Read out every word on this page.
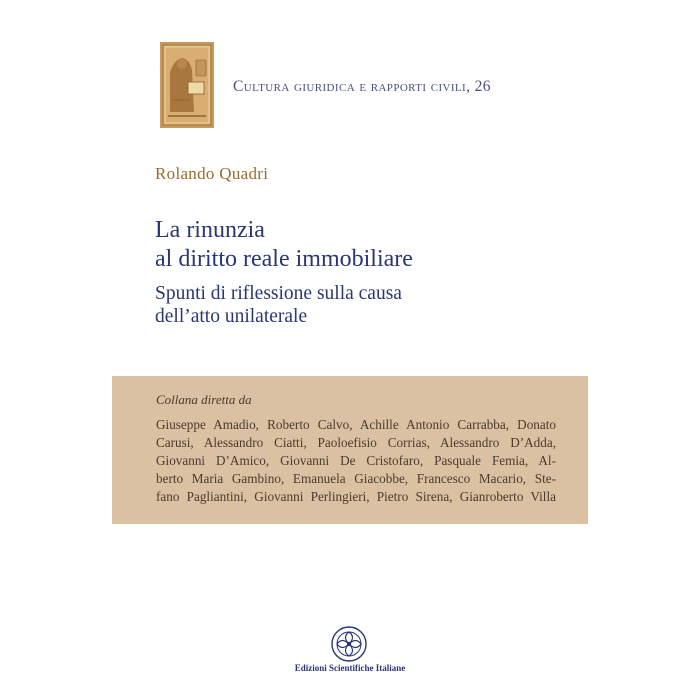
Cultura giuridica e rapporti civili, 26
Rolando Quadri
La rinunzia
al diritto reale immobiliare
Spunti di riflessione sulla causa
dell’atto unilaterale
Collana diretta da
Giuseppe Amadio, Roberto Calvo, Achille Antonio Carrabba, Donato
Carusi, Alessandro Ciatti, Paoloefisio Corrias, Alessandro D’Adda,
Giovanni D’Amico, Giovanni De Cristofaro, Pasquale Femia, Al-
berto Maria Gambino, Emanuela Giacobbe, Francesco Macario, Ste-
fano Pagliantini, Giovanni Perlingieri, Pietro Sirena, Gianroberto Villa
Edizioni Scientifiche Italiane
